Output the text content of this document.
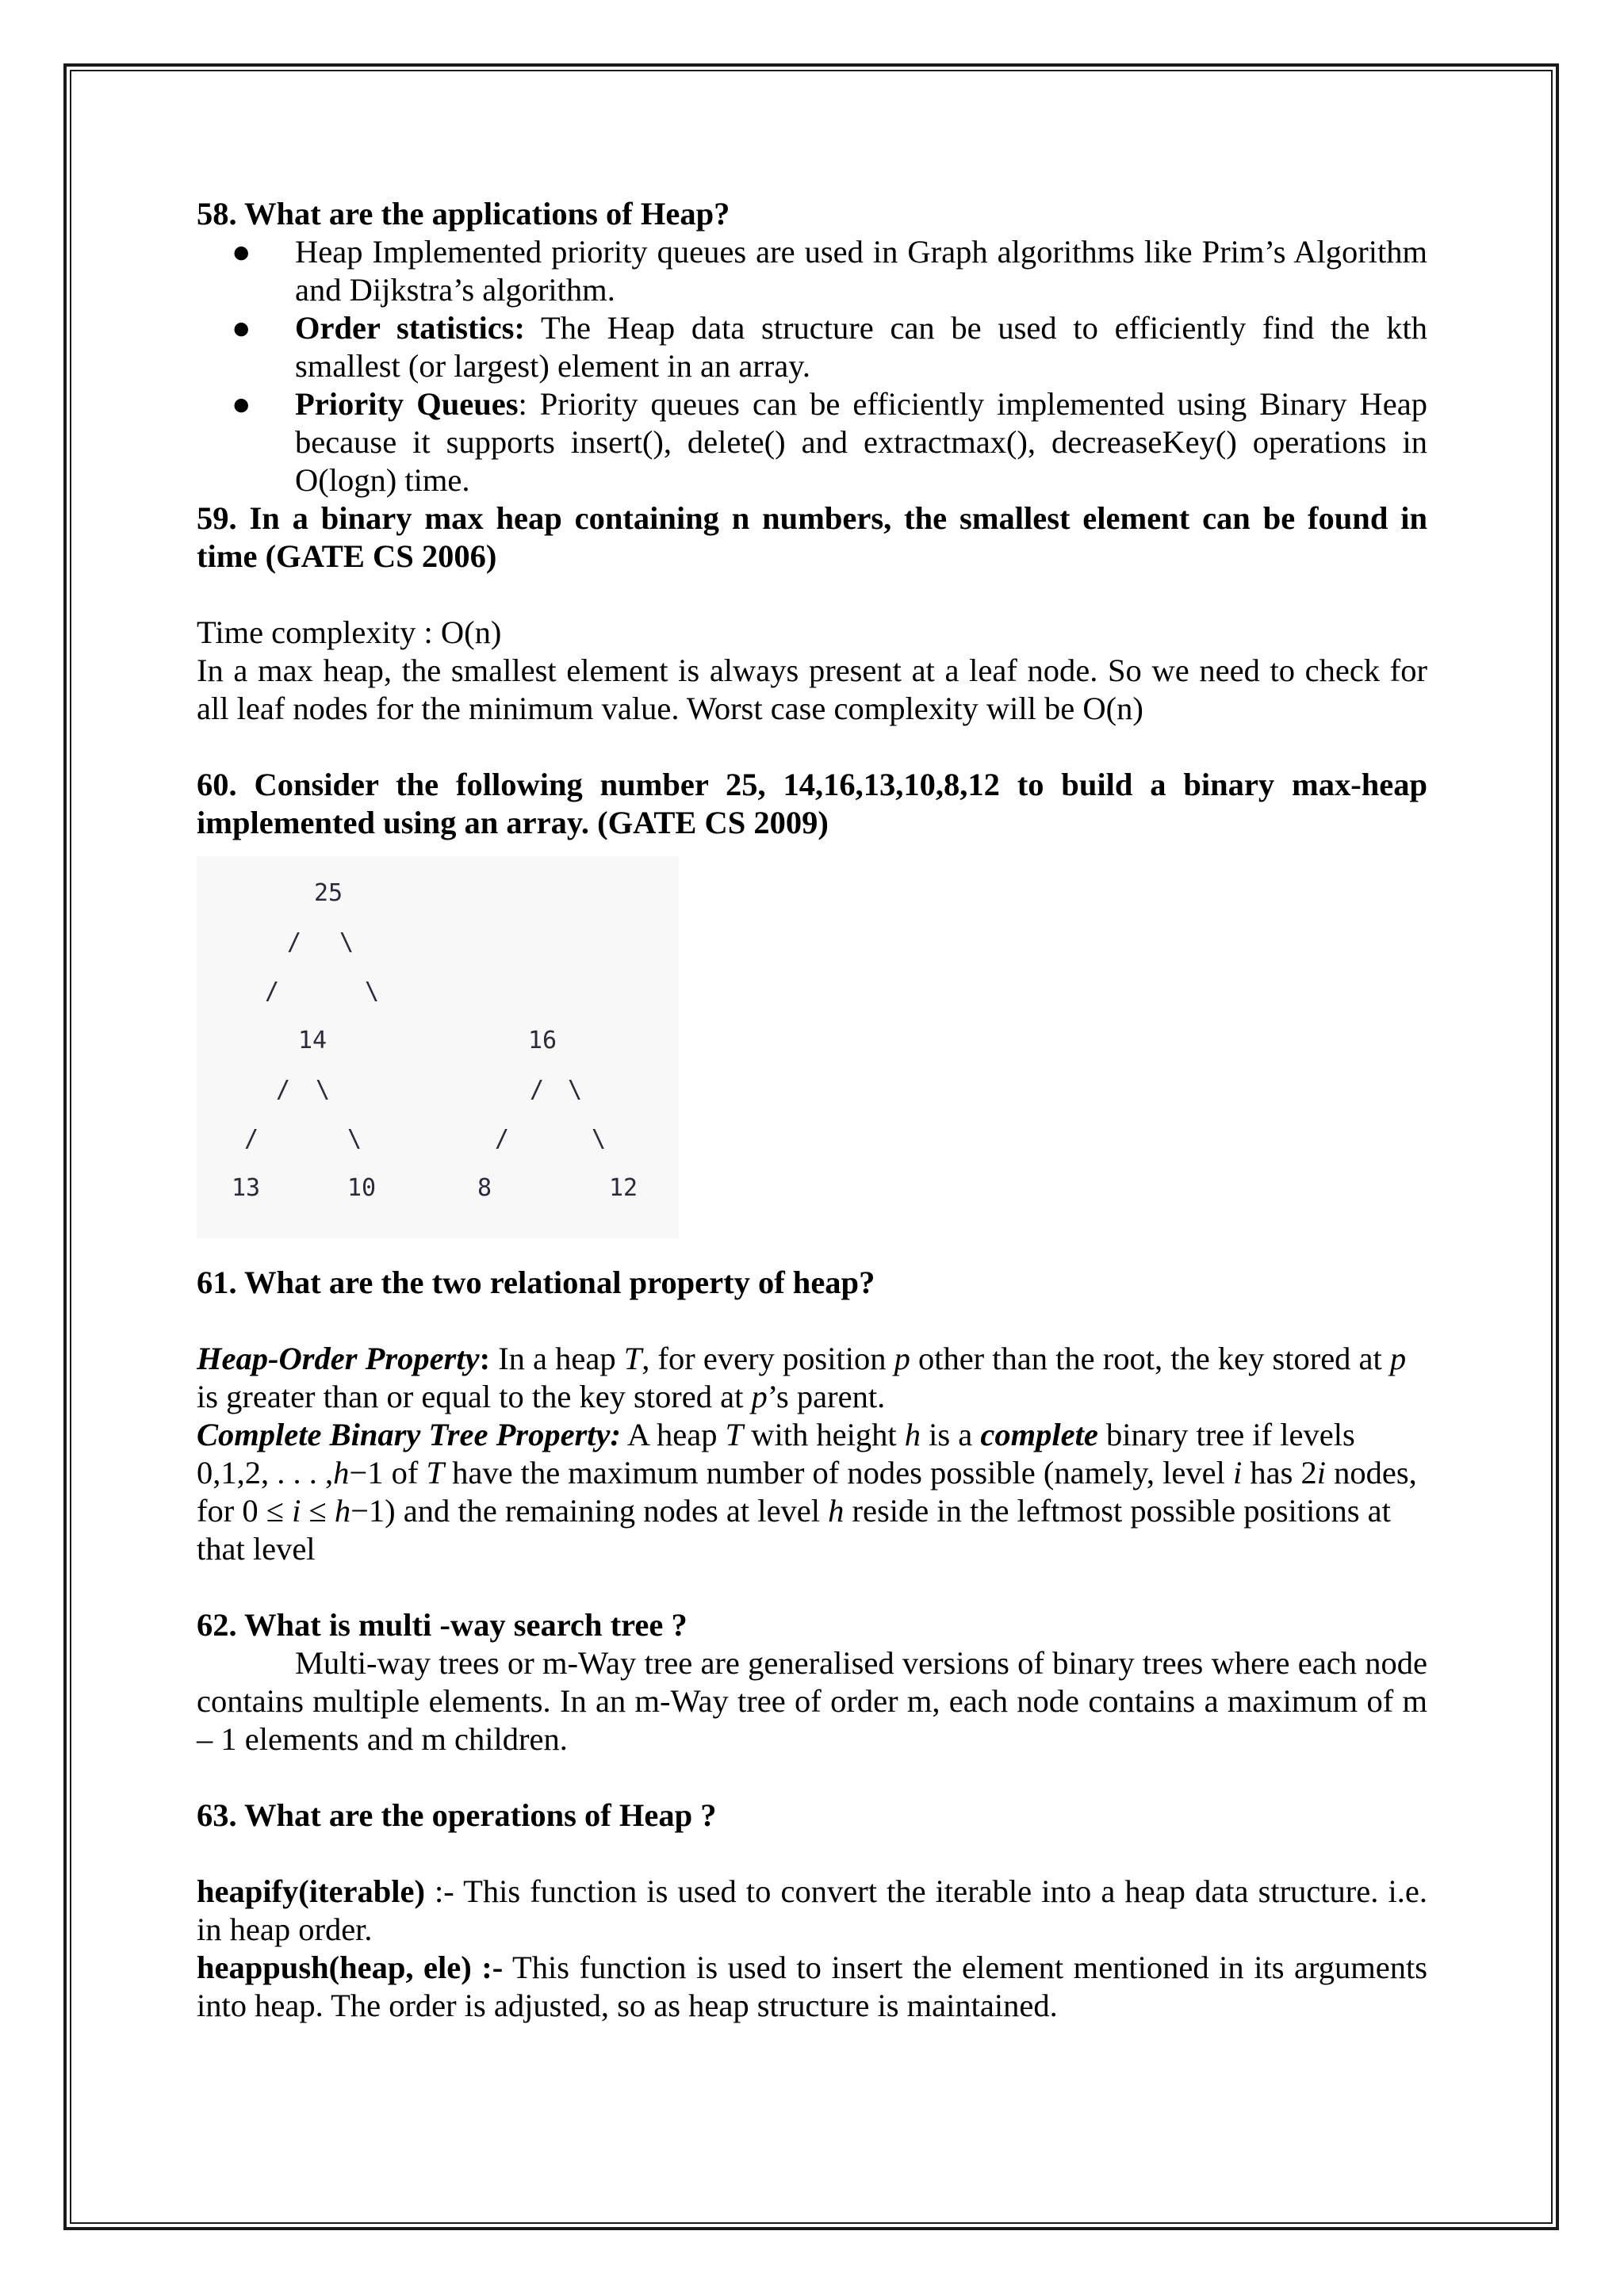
58. What are the applications of Heap?

● Heap Implemented priority queues are used in Graph algorithms like Prim’s Algorithm and Dijkstra’s algorithm.
● Order statistics: The Heap data structure can be used to efficiently find the kth smallest (or largest) element in an array.
● Priority Queues: Priority queues can be efficiently implemented using Binary Heap because it supports insert(), delete() and extractmax(), decreaseKey() operations in O(logn) time.

59. In a binary max heap containing n numbers, the smallest element can be found in time (GATE CS 2006)

Time complexity : O(n)

In a max heap, the smallest element is always present at a leaf node. So we need to check for all leaf nodes for the minimum value. Worst case complexity will be O(n)

60. Consider the following number 25, 14,16,13,10,8,12 to build a binary max-heap implemented using an array. (GATE CS 2009)

25
/ \
/	\
14	16
/ \	/ \
/	\	/	\
13	10	8	12

61. What are the two relational property of heap?

Heap-Order Property: In a heap T, for every position p other than the root, the key stored at p is greater than or equal to the key stored at p’s parent.

Complete Binary Tree Property: A heap T with height h is a complete binary tree if levels 0,1,2, . . . ,h−1 of T have the maximum number of nodes possible (namely, level i has 2i nodes, for 0 ≤ i ≤ h−1) and the remaining nodes at level h reside in the leftmost possible positions at that level

62. What is multi -way search tree ?

Multi-way trees or m-Way tree are generalised versions of binary trees where each node contains multiple elements. In an m-Way tree of order m, each node contains a maximum of m – 1 elements and m children.

63. What are the operations of Heap ?

heapify(iterable) :- This function is used to convert the iterable into a heap data structure. i.e. in heap order.

heappush(heap, ele) :- This function is used to insert the element mentioned in its arguments into heap. The order is adjusted, so as heap structure is maintained.
